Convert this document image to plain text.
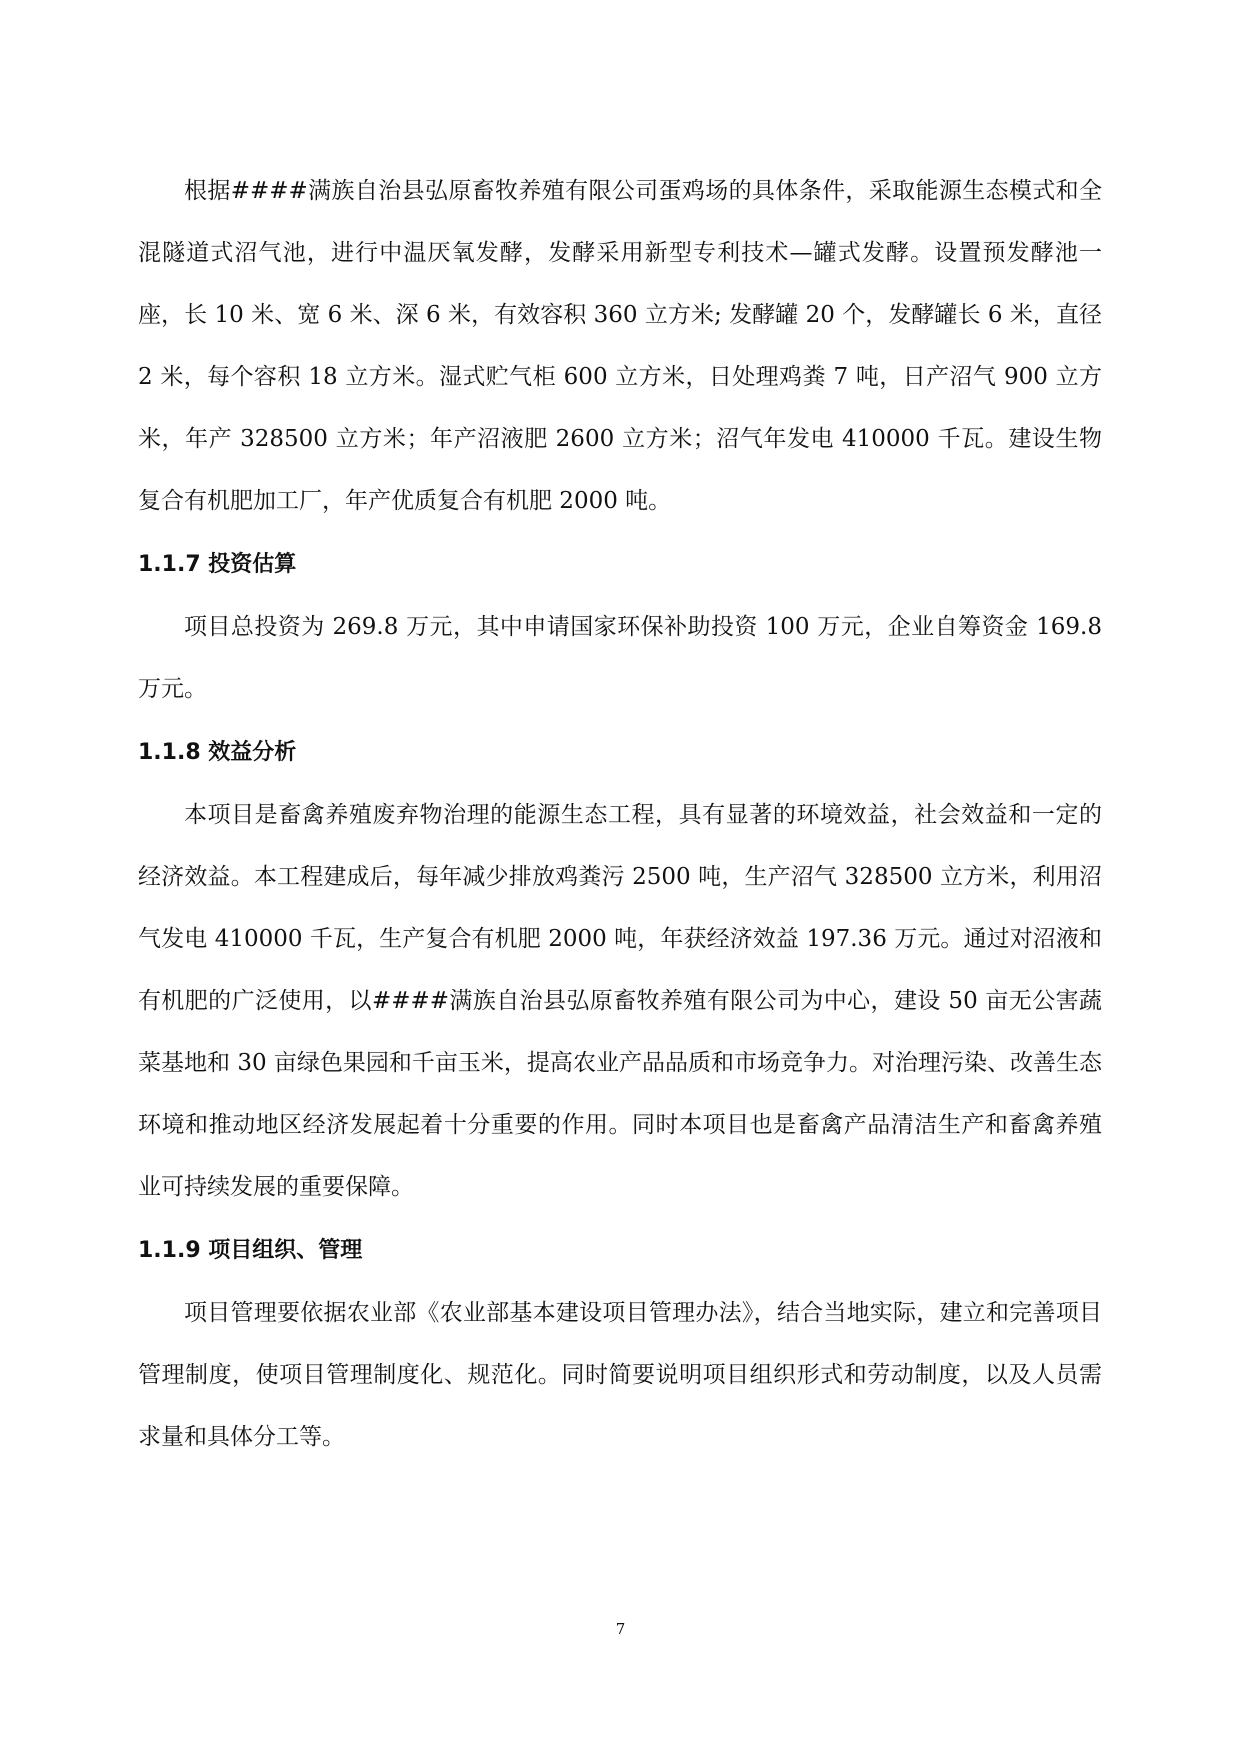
根据####满族自治县弘原畜牧养殖有限公司蛋鸡场的具体条件，采取能源生态模式和全混隧道式沼气池，进行中温厌氧发酵，发酵采用新型专利技术—罐式发酵。设置预发酵池一座，长 10 米、宽 6 米、深 6 米，有效容积 360 立方米; 发酵罐 20 个，发酵罐长 6 米，直径 2 米，每个容积 18 立方米。湿式贮气柜 600 立方米，日处理鸡粪 7 吨，日产沼气 900 立方米，年产 328500 立方米；年产沼液肥 2600 立方米；沼气年发电 410000 千瓦。建设生物复合有机肥加工厂，年产优质复合有机肥 2000 吨。

1.1.7 投资估算

项目总投资为 269.8 万元，其中申请国家环保补助投资 100 万元，企业自筹资金 169.8 万元。

1.1.8 效益分析

本项目是畜禽养殖废弃物治理的能源生态工程，具有显著的环境效益，社会效益和一定的经济效益。本工程建成后，每年减少排放鸡粪污 2500 吨，生产沼气 328500 立方米，利用沼气发电 410000 千瓦，生产复合有机肥 2000 吨，年获经济效益 197.36 万元。通过对沼液和有机肥的广泛使用，以####满族自治县弘原畜牧养殖有限公司为中心，建设 50 亩无公害蔬菜基地和 30 亩绿色果园和千亩玉米，提高农业产品品质和市场竞争力。对治理污染、改善生态环境和推动地区经济发展起着十分重要的作用。同时本项目也是畜禽产品清洁生产和畜禽养殖业可持续发展的重要保障。

1.1.9 项目组织、管理

项目管理要依据农业部《农业部基本建设项目管理办法》，结合当地实际，建立和完善项目管理制度，使项目管理制度化、规范化。同时简要说明项目组织形式和劳动制度，以及人员需求量和具体分工等。

7
